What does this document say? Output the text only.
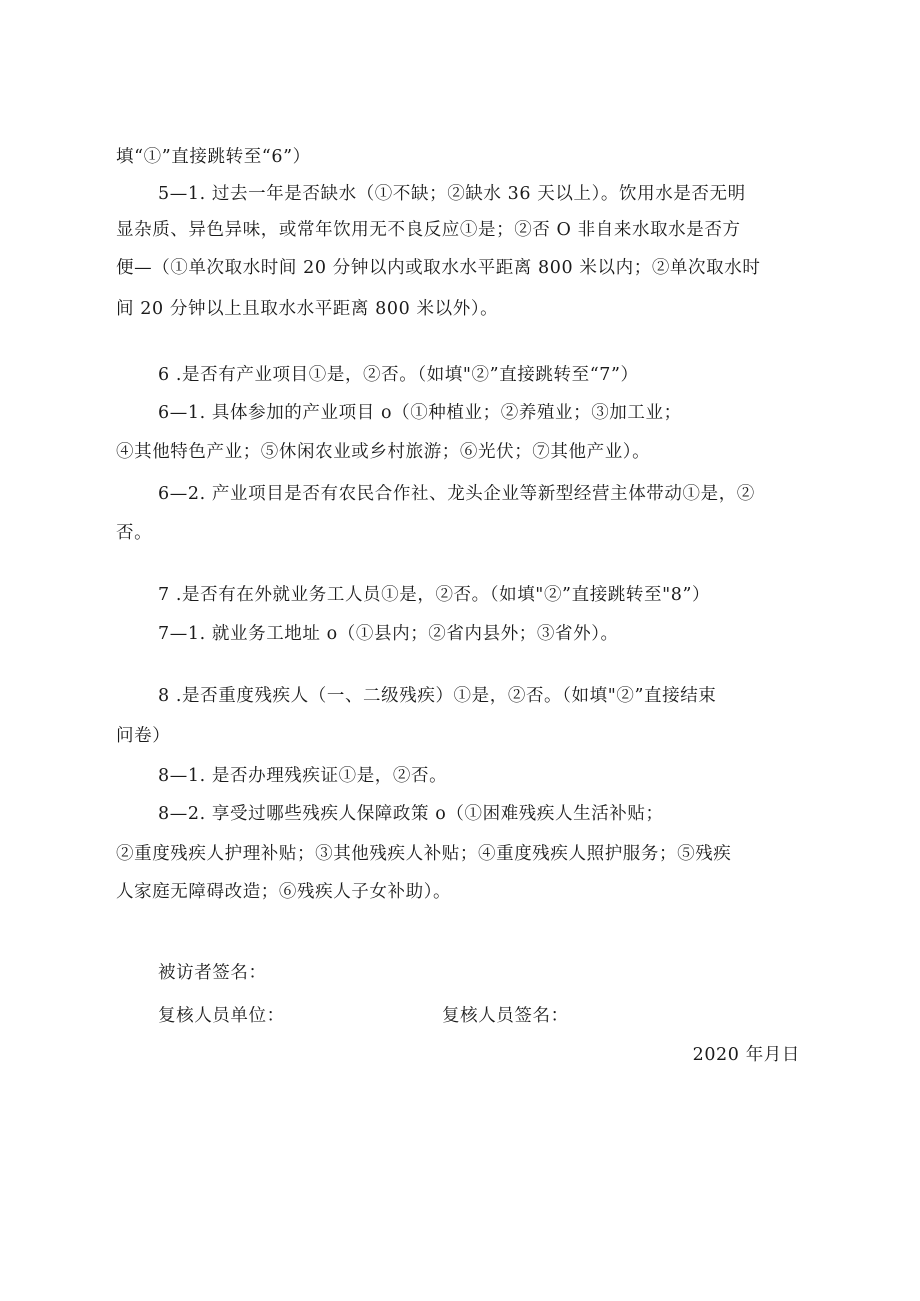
填“①”直接跳转至“6”）
5—1. 过去一年是否缺水（①不缺；②缺水 36 天以上）。饮用水是否无明
显杂质、异色异味，或常年饮用无不良反应①是；②否 O 非自来水取水是否方
便—（①单次取水时间 20 分钟以内或取水水平距离 800 米以内；②单次取水时
间 20 分钟以上且取水水平距离 800 米以外）。
6 .是否有产业项目①是，②否。（如填"②”直接跳转至“7”）
6—1. 具体参加的产业项目 o（①种植业；②养殖业；③加工业；
④其他特色产业；⑤休闲农业或乡村旅游；⑥光伏；⑦其他产业）。
6—2. 产业项目是否有农民合作社、龙头企业等新型经营主体带动①是，②
否。
7 .是否有在外就业务工人员①是，②否。（如填"②”直接跳转至"8”）
7—1. 就业务工地址 o（①县内；②省内县外；③省外）。
8 .是否重度残疾人（一、二级残疾）①是，②否。（如填"②”直接结束
问卷）
8—1. 是否办理残疾证①是，②否。
8—2. 享受过哪些残疾人保障政策 o（①困难残疾人生活补贴；
②重度残疾人护理补贴；③其他残疾人补贴；④重度残疾人照护服务；⑤残疾
人家庭无障碍改造；⑥残疾人子女补助）。
被访者签名：
复核人员单位：	复核人员签名：
2020 年月日
